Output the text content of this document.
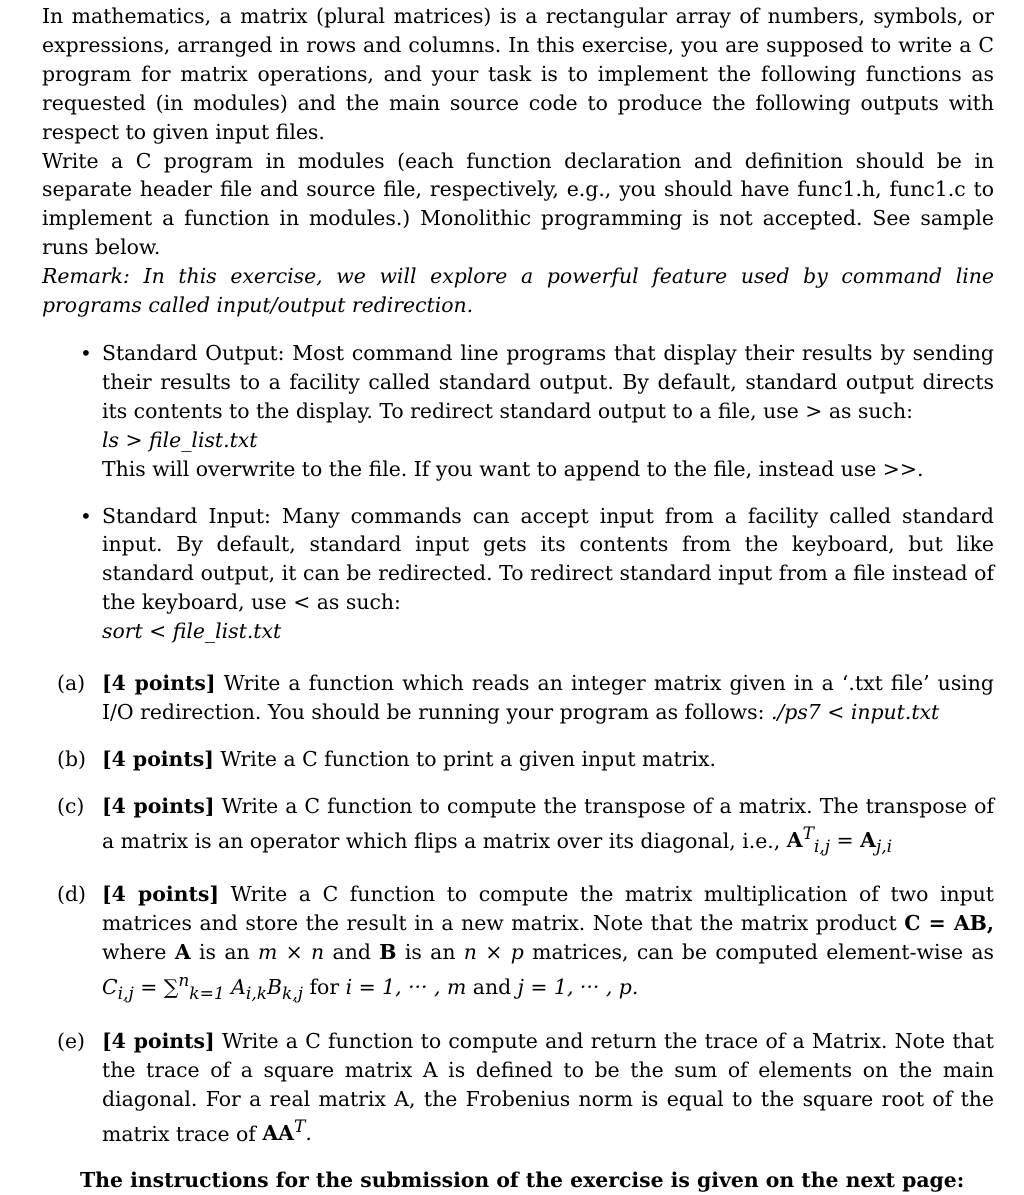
In mathematics, a matrix (plural matrices) is a rectangular array of numbers, symbols, or expressions, arranged in rows and columns. In this exercise, you are supposed to write a C program for matrix operations, and your task is to implement the following functions as requested (in modules) and the main source code to produce the following outputs with respect to given input files.
Write a C program in modules (each function declaration and definition should be in separate header file and source file, respectively, e.g., you should have func1.h, func1.c to implement a function in modules.) Monolithic programming is not accepted. See sample runs below.
Remark: In this exercise, we will explore a powerful feature used by command line programs called input/output redirection.

• Standard Output: Most command line programs that display their results by sending their results to a facility called standard output. By default, standard output directs its contents to the display. To redirect standard output to a file, use > as such:
ls > file_list.txt
This will overwrite to the file. If you want to append to the file, instead use >>.
• Standard Input: Many commands can accept input from a facility called standard input. By default, standard input gets its contents from the keyboard, but like standard output, it can be redirected. To redirect standard input from a file instead of the keyboard, use < as such:
sort < file_list.txt
(a) [4 points] Write a function which reads an integer matrix given in a ‘.txt file’ using I/O redirection. You should be running your program as follows: ./ps7 < input.txt
(b) [4 points] Write a C function to print a given input matrix.
(c) [4 points] Write a C function to compute the transpose of a matrix. The transpose of a matrix is an operator which flips a matrix over its diagonal, i.e., $A^T_{i,j} = A_{j,i}$
(d) [4 points] Write a C function to compute the matrix multiplication of two input matrices and store the result in a new matrix. Note that the matrix product C = AB, where A is an m × n and B is an n × p matrices, can be computed element-wise as $C_{i,j} = \sum^n_{k=1}$ $A_{i,k}B_{k,j}$ for i = 1, ··· , m and j = 1, ··· , p.
(e) [4 points] Write a C function to compute and return the trace of a Matrix. Note that the trace of a square matrix A is defined to be the sum of elements on the main diagonal. For a real matrix A, the Frobenius norm is equal to the square root of the matrix trace of $AA^T$.

The instructions for the submission of the exercise is given on the next page:
